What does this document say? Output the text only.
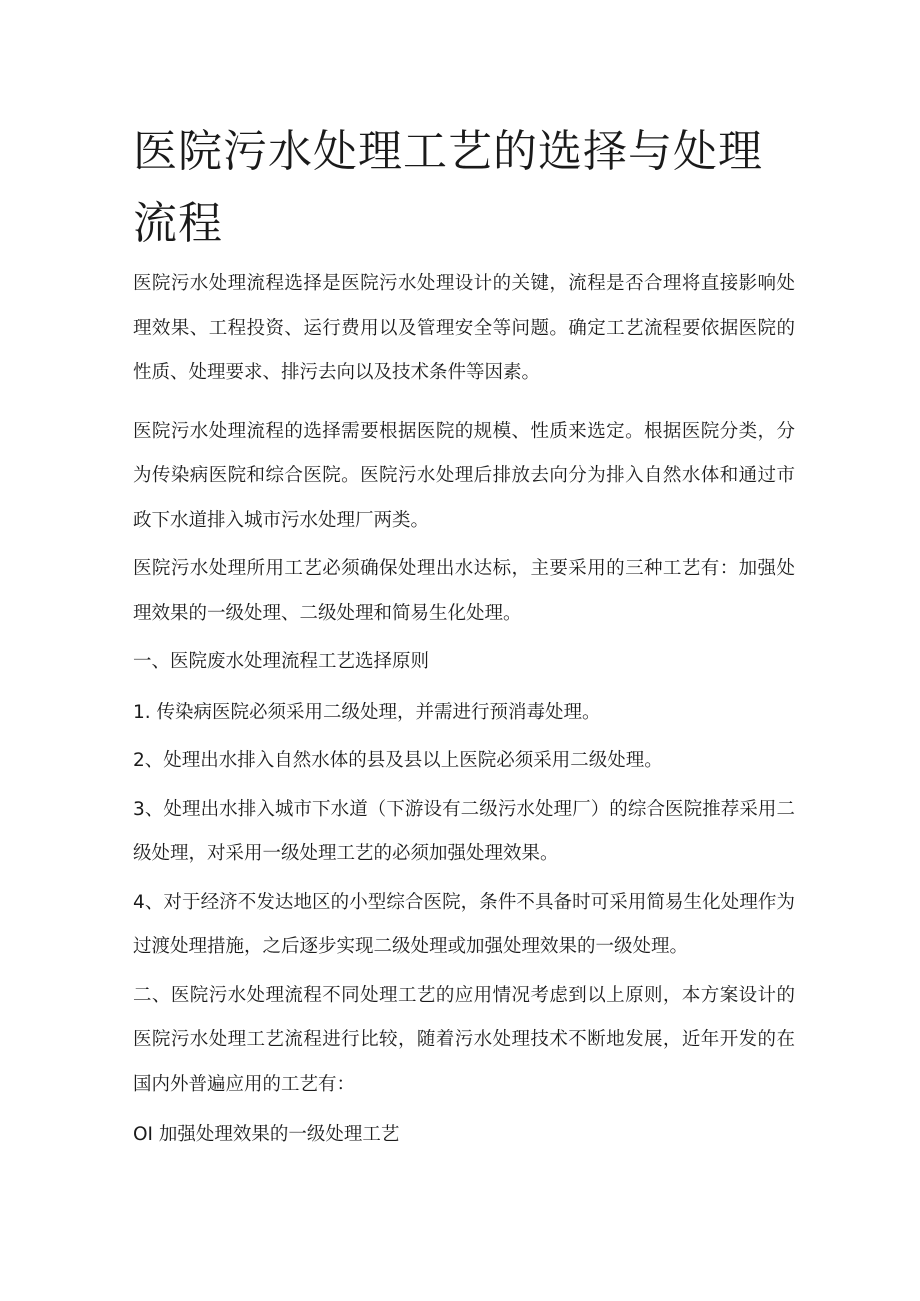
医院污水处理工艺的选择与处理流程

医院污水处理流程选择是医院污水处理设计的关键，流程是否合理将直接影响处理效果、工程投资、运行费用以及管理安全等问题。确定工艺流程要依据医院的性质、处理要求、排污去向以及技术条件等因素。

医院污水处理流程的选择需要根据医院的规模、性质来选定。根据医院分类，分为传染病医院和综合医院。医院污水处理后排放去向分为排入自然水体和通过市政下水道排入城市污水处理厂两类。

医院污水处理所用工艺必须确保处理出水达标，主要采用的三种工艺有：加强处理效果的一级处理、二级处理和简易生化处理。

一、医院废水处理流程工艺选择原则

1. 传染病医院必须采用二级处理，并需进行预消毒处理。

2、处理出水排入自然水体的县及县以上医院必须采用二级处理。

3、处理出水排入城市下水道（下游设有二级污水处理厂）的综合医院推荐采用二级处理，对采用一级处理工艺的必须加强处理效果。

4、对于经济不发达地区的小型综合医院，条件不具备时可采用简易生化处理作为过渡处理措施，之后逐步实现二级处理或加强处理效果的一级处理。

二、医院污水处理流程不同处理工艺的应用情况考虑到以上原则，本方案设计的医院污水处理工艺流程进行比较，随着污水处理技术不断地发展，近年开发的在国内外普遍应用的工艺有：

OI 加强处理效果的一级处理工艺
